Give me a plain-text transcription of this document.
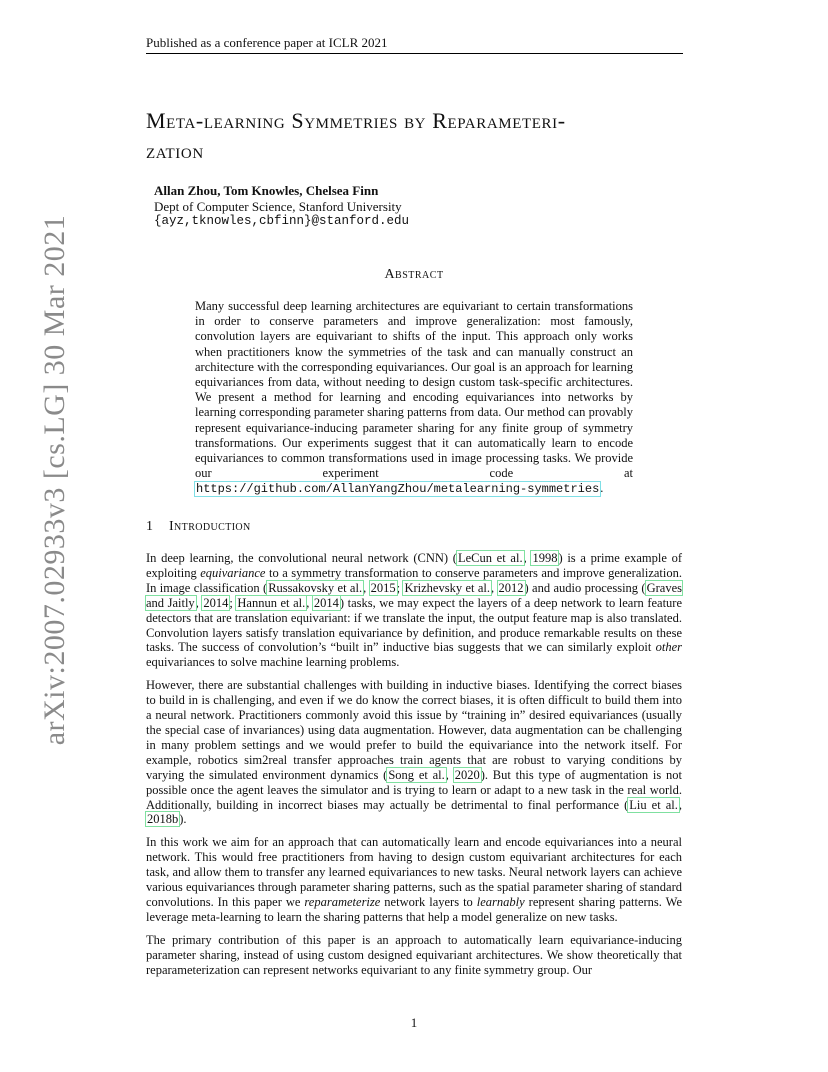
Published as a conference paper at ICLR 2021
arXiv:2007.02933v3 [cs.LG] 30 Mar 2021
Meta-learning Symmetries by Reparameteri-
zation
Allan Zhou, Tom Knowles, Chelsea Finn
Dept of Computer Science, Stanford University
{ayz,tknowles,cbfinn}@stanford.edu
Abstract

Many successful deep learning architectures are equivariant to certain transformations in order to conserve parameters and improve generalization: most famously, convolution layers are equivariant to shifts of the input. This approach only works when practitioners know the symmetries of the task and can manually construct an architecture with the corresponding equivariances. Our goal is an approach for learning equivariances from data, without needing to design custom task-specific architectures. We present a method for learning and encoding equivariances into networks by learning corresponding parameter sharing patterns from data. Our method can provably represent equivariance-inducing parameter sharing for any finite group of symmetry transformations. Our experiments suggest that it can automatically learn to encode equivariances to common transformations used in image processing tasks. We provide our experiment code at https://github.com/AllanYangZhou/metalearning-symmetries.

1 Introduction

In deep learning, the convolutional neural network (CNN) (LeCun et al., 1998) is a prime example of exploiting equivariance to a symmetry transformation to conserve parameters and improve generalization. In image classification (Russakovsky et al., 2015; Krizhevsky et al., 2012) and audio processing (Graves and Jaitly, 2014; Hannun et al., 2014) tasks, we may expect the layers of a deep network to learn feature detectors that are translation equivariant: if we translate the input, the output feature map is also translated. Convolution layers satisfy translation equivariance by definition, and produce remarkable results on these tasks. The success of convolution’s “built in” inductive bias suggests that we can similarly exploit other equivariances to solve machine learning problems.

However, there are substantial challenges with building in inductive biases. Identifying the correct biases to build in is challenging, and even if we do know the correct biases, it is often difficult to build them into a neural network. Practitioners commonly avoid this issue by “training in” desired equivariances (usually the special case of invariances) using data augmentation. However, data augmentation can be challenging in many problem settings and we would prefer to build the equivariance into the network itself. For example, robotics sim2real transfer approaches train agents that are robust to varying conditions by varying the simulated environment dynamics (Song et al., 2020). But this type of augmentation is not possible once the agent leaves the simulator and is trying to learn or adapt to a new task in the real world. Additionally, building in incorrect biases may actually be detrimental to final performance (Liu et al., 2018b).

In this work we aim for an approach that can automatically learn and encode equivariances into a neural network. This would free practitioners from having to design custom equivariant architectures for each task, and allow them to transfer any learned equivariances to new tasks. Neural network layers can achieve various equivariances through parameter sharing patterns, such as the spatial parameter sharing of standard convolutions. In this paper we reparameterize network layers to learnably represent sharing patterns. We leverage meta-learning to learn the sharing patterns that help a model generalize on new tasks.

The primary contribution of this paper is an approach to automatically learn equivariance-inducing parameter sharing, instead of using custom designed equivariant architectures. We show theoretically that reparameterization can represent networks equivariant to any finite symmetry group. Our

1
